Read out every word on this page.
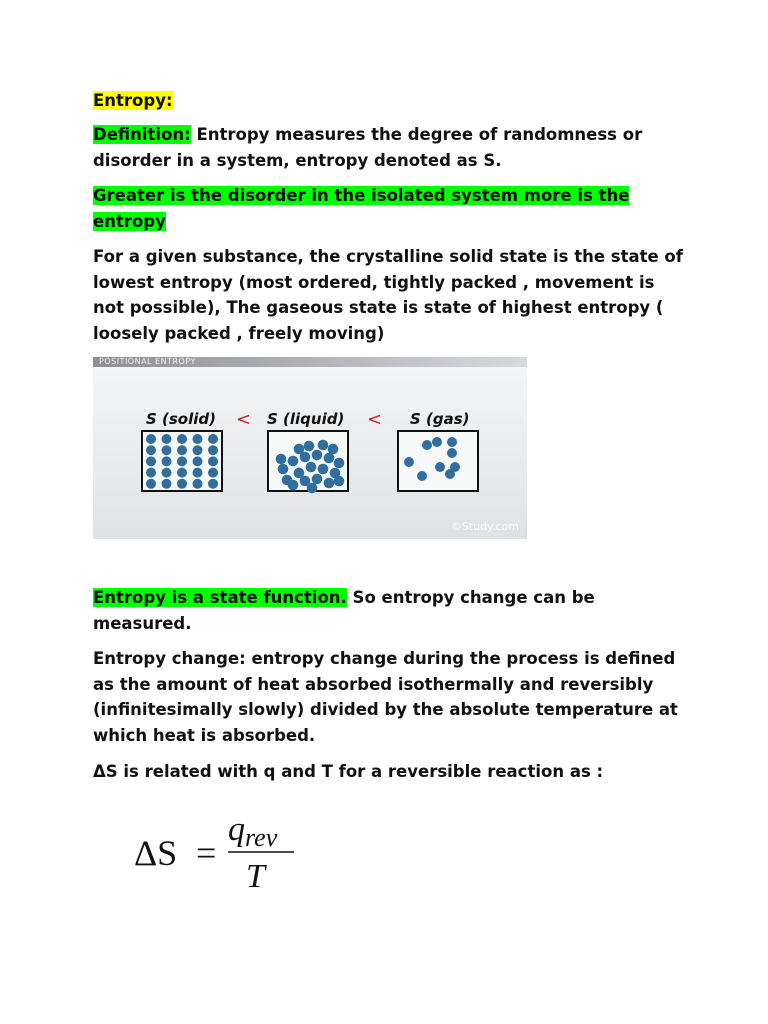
Entropy:

Definition: Entropy measures the degree of randomness or disorder in a system, entropy denoted as S.

Greater is the disorder in the isolated system more is the entropy

For a given substance, the crystalline solid state is the state of lowest entropy (most ordered, tightly packed , movement is not possible), The gaseous state is state of highest entropy ( loosely packed , freely moving)

POSITIONAL ENTROPY
S (solid) < S (liquid) < S (gas)
©Study.com

Entropy is a state function. So entropy change can be measured.

Entropy change: entropy change during the process is defined as the amount of heat absorbed isothermally and reversibly (infinitesimally slowly) divided by the absolute temperature at which heat is absorbed.

ΔS is related with q and T for a reversible reaction as :

ΔS =
qrev
T
